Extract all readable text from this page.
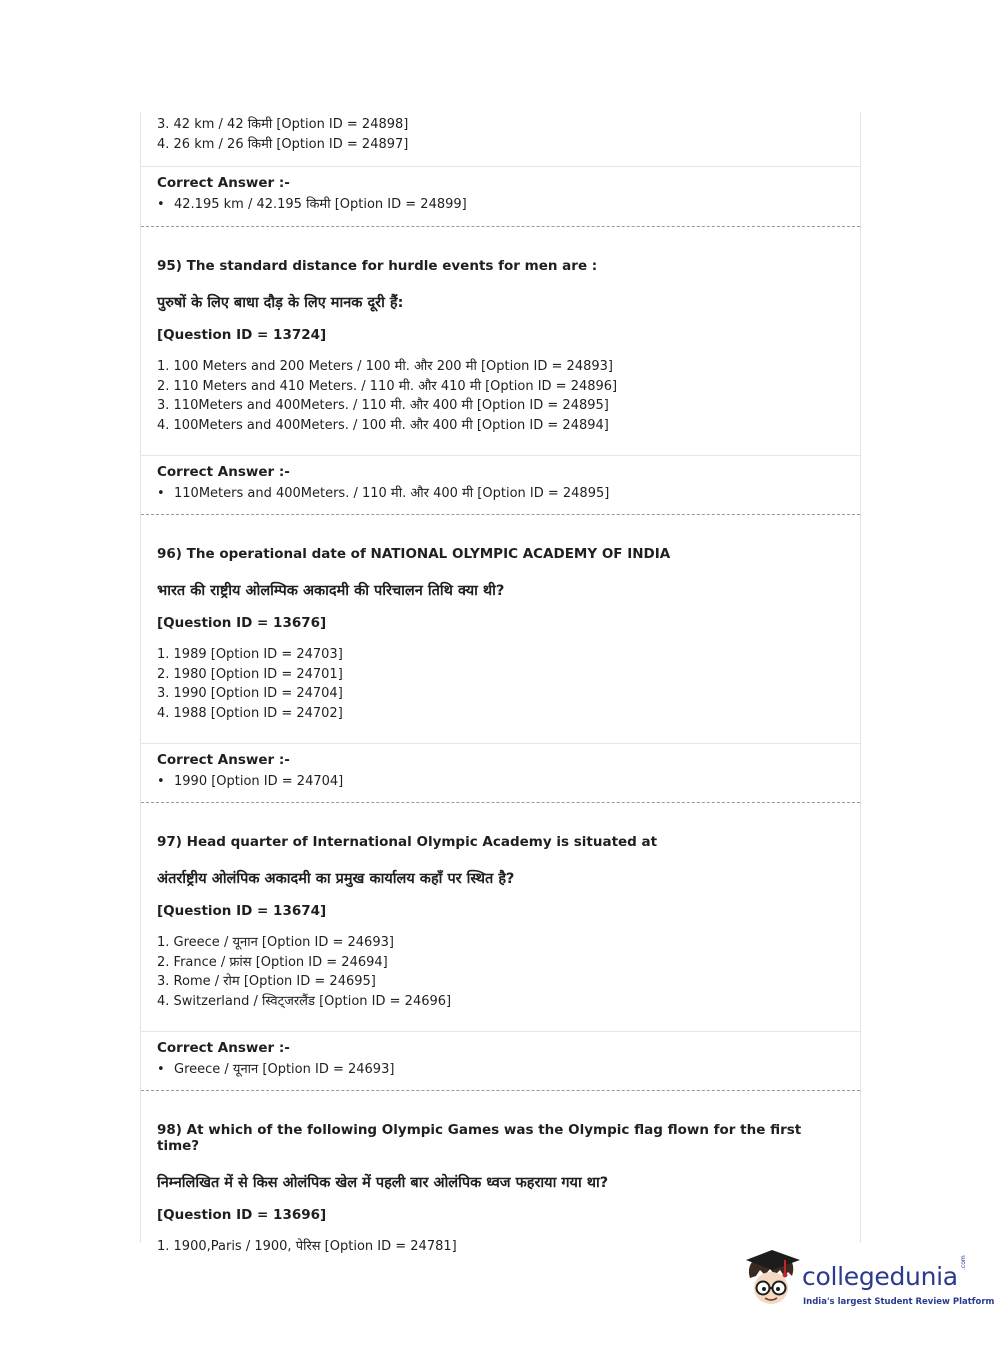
3. 42 km / 42 किमी [Option ID = 24898]

4. 26 km / 26 किमी [Option ID = 24897]

Correct Answer :-

• 42.195 km / 42.195 किमी [Option ID = 24899]

95) The standard distance for hurdle events for men are :

पुरुषों के लिए बाधा दौड़ के लिए मानक दूरी हैं:

[Question ID = 13724]

1. 100 Meters and 200 Meters / 100 मी. और 200 मी [Option ID = 24893]

2. 110 Meters and 410 Meters. / 110 मी. और 410 मी [Option ID = 24896]

3. 110Meters and 400Meters. / 110 मी. और 400 मी [Option ID = 24895]

4. 100Meters and 400Meters. / 100 मी. और 400 मी [Option ID = 24894]

Correct Answer :-

• 110Meters and 400Meters. / 110 मी. और 400 मी [Option ID = 24895]

96) The operational date of NATIONAL OLYMPIC ACADEMY OF INDIA

भारत की राष्ट्रीय ओलम्पिक अकादमी की परिचालन तिथि क्या थी?

[Question ID = 13676]

1. 1989 [Option ID = 24703]

2. 1980 [Option ID = 24701]

3. 1990 [Option ID = 24704]

4. 1988 [Option ID = 24702]

Correct Answer :-

• 1990 [Option ID = 24704]

97) Head quarter of International Olympic Academy is situated at

अंतर्राष्ट्रीय ओलंपिक अकादमी का प्रमुख कार्यालय कहाँ पर स्थित है?

[Question ID = 13674]

1. Greece / यूनान [Option ID = 24693]

2. France / फ्रांस [Option ID = 24694]

3. Rome / रोम [Option ID = 24695]

4. Switzerland / स्विट्जरलैंड [Option ID = 24696]

Correct Answer :-

• Greece / यूनान [Option ID = 24693]

98) At which of the following Olympic Games was the Olympic flag flown for the first time?

निम्नलिखित में से किस ओलंपिक खेल में पहली बार ओलंपिक ध्वज फहराया गया था?

[Question ID = 13696]

1. 1900,Paris / 1900, पेरिस [Option ID = 24781]

collegedunia .com
India's largest Student Review Platform
